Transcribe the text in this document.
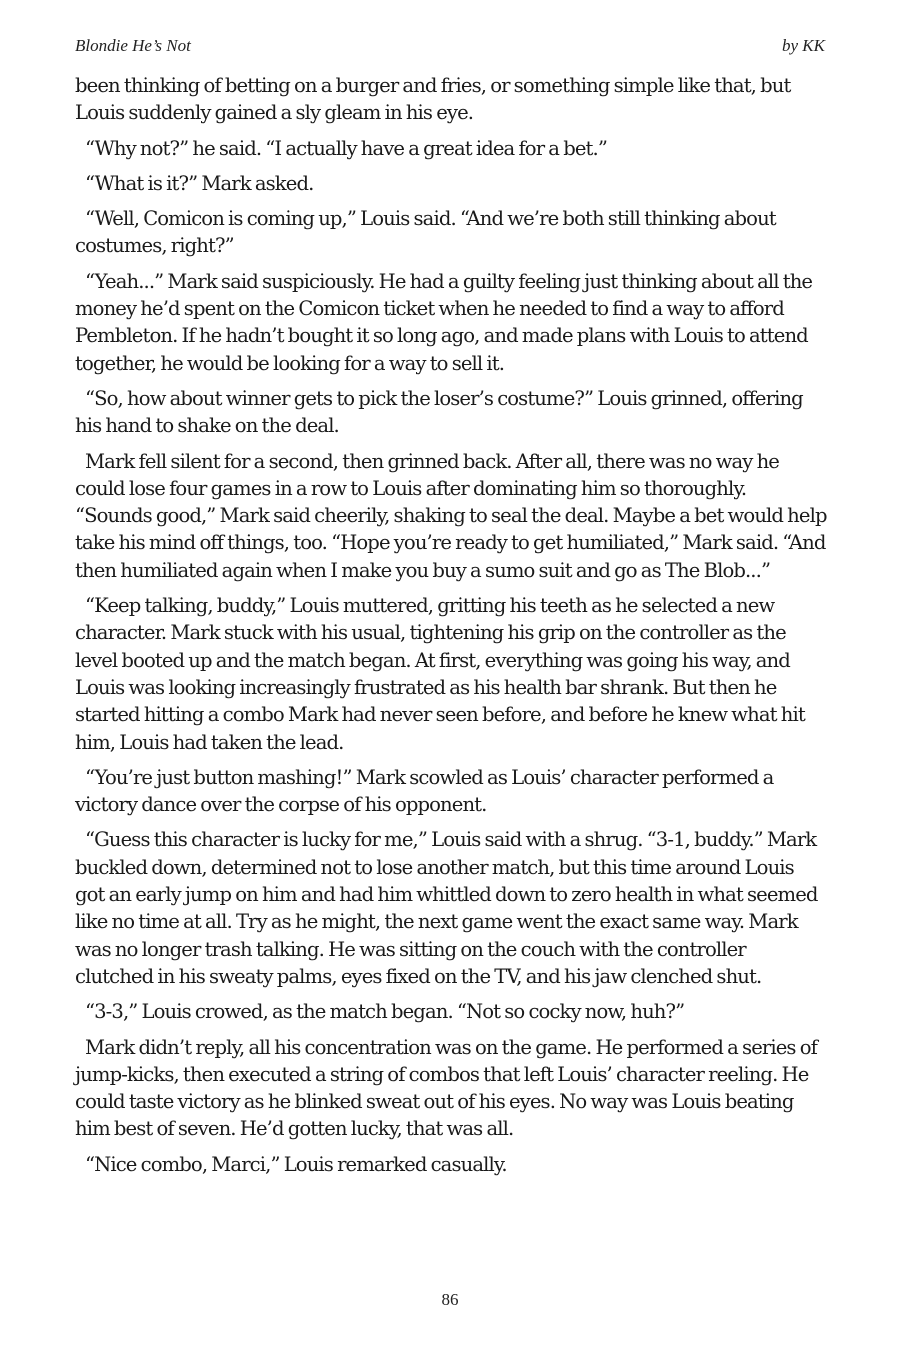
Blondie He’s Not	by KK

been thinking of betting on a burger and fries, or something simple like that, but Louis suddenly gained a sly gleam in his eye.

“Why not?” he said. “I actually have a great idea for a bet.”

“What is it?” Mark asked.

“Well, Comicon is coming up,” Louis said. “And we’re both still thinking about costumes, right?”

“Yeah...” Mark said suspiciously. He had a guilty feeling just thinking about all the money he’d spent on the Comicon ticket when he needed to find a way to afford Pembleton. If he hadn’t bought it so long ago, and made plans with Louis to attend together, he would be looking for a way to sell it.

“So, how about winner gets to pick the loser’s costume?” Louis grinned, offering his hand to shake on the deal.

Mark fell silent for a second, then grinned back. After all, there was no way he could lose four games in a row to Louis after dominating him so thoroughly. “Sounds good,” Mark said cheerily, shaking to seal the deal. Maybe a bet would help take his mind off things, too. “Hope you’re ready to get humiliated,” Mark said. “And then humiliated again when I make you buy a sumo suit and go as The Blob...”

“Keep talking, buddy,” Louis muttered, gritting his teeth as he selected a new character. Mark stuck with his usual, tightening his grip on the controller as the level booted up and the match began. At first, everything was going his way, and Louis was looking increasingly frustrated as his health bar shrank. But then he started hitting a combo Mark had never seen before, and before he knew what hit him, Louis had taken the lead.

“You’re just button mashing!” Mark scowled as Louis’ character performed a victory dance over the corpse of his opponent.

“Guess this character is lucky for me,” Louis said with a shrug. “3-1, buddy.” Mark buckled down, determined not to lose another match, but this time around Louis got an early jump on him and had him whittled down to zero health in what seemed like no time at all. Try as he might, the next game went the exact same way. Mark was no longer trash talking. He was sitting on the couch with the controller clutched in his sweaty palms, eyes fixed on the TV, and his jaw clenched shut.

“3-3,” Louis crowed, as the match began. “Not so cocky now, huh?”

Mark didn’t reply, all his concentration was on the game. He performed a series of jump-kicks, then executed a string of combos that left Louis’ character reeling. He could taste victory as he blinked sweat out of his eyes. No way was Louis beating him best of seven. He’d gotten lucky, that was all.

“Nice combo, Marci,” Louis remarked casually.

86
